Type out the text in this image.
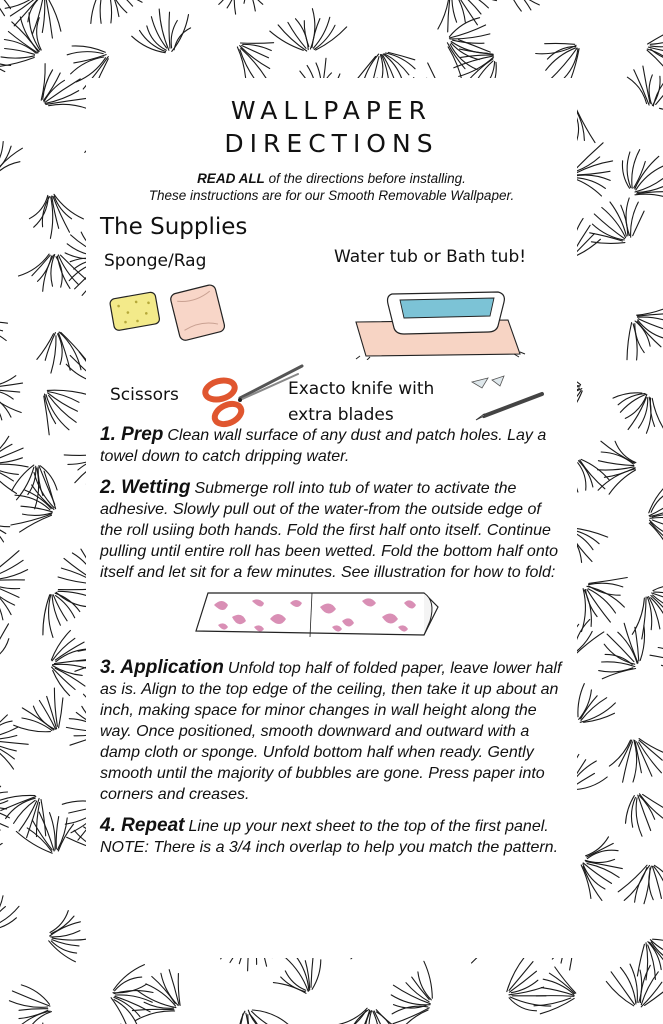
WALLPAPER
DIRECTIONS

READ ALL of the directions before installing.
These instructions are for our Smooth Removable Wallpaper.

The Supplies
Sponge/Rag	Water tub or Bath tub!
Scissors	Exacto knife with
extra blades

1. Prep Clean wall surface of any dust and patch holes. Lay a towel down to catch dripping water.

2. Wetting Submerge roll into tub of water to activate the adhesive. Slowly pull out of the water-from the outside edge of the roll usiing both hands. Fold the first half onto itself. Continue pulling until entire roll has been wetted. Fold the bottom half onto itself and let sit for a few minutes. See illustration for how to fold:

3. Application Unfold top half of folded paper, leave lower half as is. Align to the top edge of the ceiling, then take it up about an inch, making space for minor changes in wall height along the way. Once positioned, smooth downward and outward with a damp cloth or sponge. Unfold bottom half when ready. Gently smooth until the majority of bubbles are gone. Press paper into corners and creases.

4. Repeat Line up your next sheet to the top of the first panel. NOTE: There is a 3/4 inch overlap to help you match the pattern.
